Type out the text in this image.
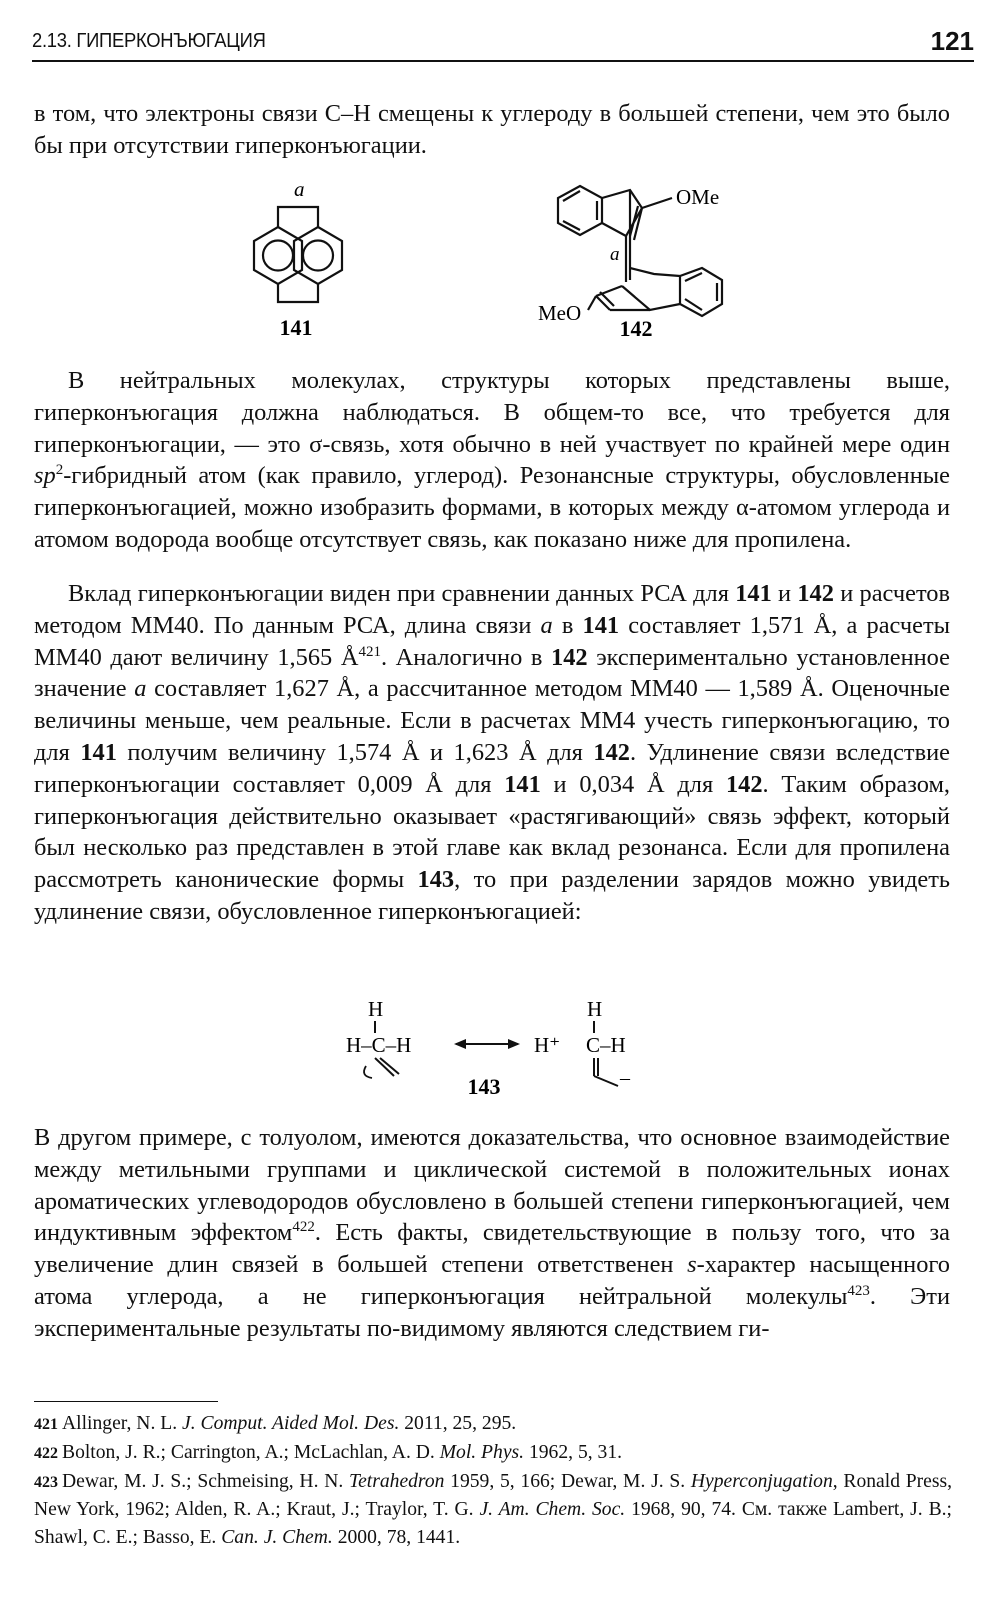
2.13. ГИПЕРКОНЪЮГАЦИЯ	121

в том, что электроны связи C–H смещены к углероду в большей степени, чем это было бы при отсутствии гиперконъюгации.

a
141
OMe
a
MeO
142

В нейтральных молекулах, структуры которых представлены выше, гиперконъюгация должна наблюдаться. В общем-то все, что требуется для гиперконъюгации, — это σ-связь, хотя обычно в ней участвует по крайней мере один $sp^2$-гибридный атом (как правило, углерод). Резонансные структуры, обусловленные гиперконъюгацией, можно изобразить формами, в которых между α-атомом углерода и атомом водорода вообще отсутствует связь, как показано ниже для пропилена.

Вклад гиперконъюгации виден при сравнении данных РСА для 141 и 142 и расчетов методом MM40. По данным РСА, длина связи a в 141 составляет 1,571 Å, а расчеты MM40 дают величину 1,565 $Å^{421}$. Аналогично в 142 экспериментально установленное значение a составляет 1,627 Å, а рассчитанное методом MM40 — 1,589 Å. Оценочные величины меньше, чем реальные. Если в расчетах MM4 учесть гиперконъюгацию, то для 141 получим величину 1,574 Å и 1,623 Å для 142. Удлинение связи вследствие гиперконъюгации составляет 0,009 Å для 141 и 0,034 Å для 142. Таким образом, гиперконъюгация действительно оказывает «растягивающий» связь эффект, который был несколько раз представлен в этой главе как вклад резонанса. Если для пропилена рассмотреть канонические формы 143, то при разделении зарядов можно увидеть удлинение связи, обусловленное гиперконъюгацией:

H
H–C–H	H⁺
H
C–H
–
143

В другом примере, с толуолом, имеются доказательства, что основное взаимодействие между метильными группами и циклической системой в положительных ионах ароматических углеводородов обусловлено в большей степени гиперконъюгацией, чем индуктивным эффектом$^{422}$. Есть факты, свидетельствующие в пользу того, что за увеличение длин связей в большей степени ответственен s-характер насыщенного атома углерода, а не гиперконъюгация нейтральной молекулы$^{423}$. Эти экспериментальные результаты по-видимому являются следствием ги-

421 Allinger, N. L. J. Comput. Aided Mol. Des. 2011, 25, 295.

422 Bolton, J. R.; Carrington, A.; McLachlan, A. D. Mol. Phys. 1962, 5, 31.

423 Dewar, M. J. S.; Schmeising, H. N. Tetrahedron 1959, 5, 166; Dewar, M. J. S. Hyperconjugation, Ronald Press, New York, 1962; Alden, R. A.; Kraut, J.; Traylor, T. G. J. Am. Chem. Soc. 1968, 90, 74. См. также Lambert, J. B.; Shawl, C. E.; Basso, E. Can. J. Chem. 2000, 78, 1441.
